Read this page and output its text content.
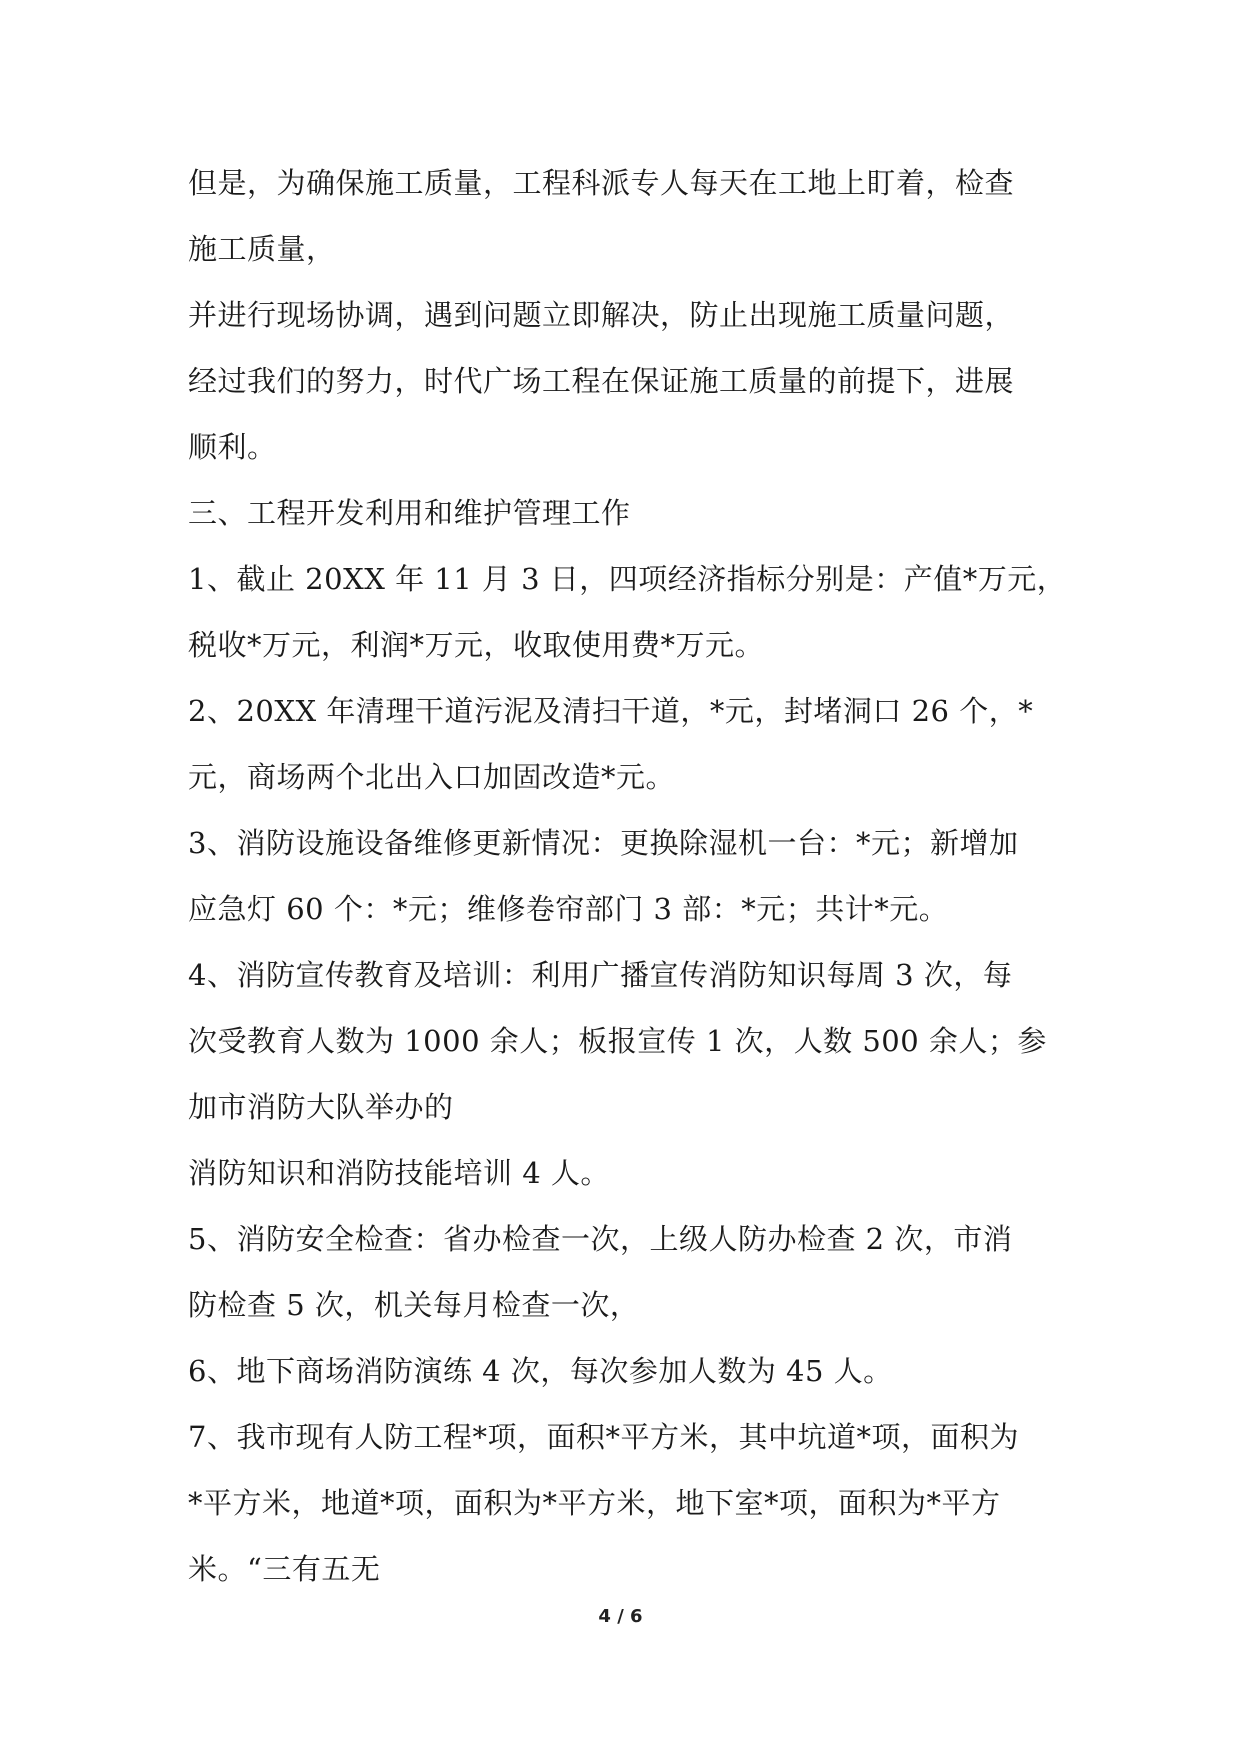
但是，为确保施工质量，工程科派专人每天在工地上盯着，检查
施工质量，
并进行现场协调，遇到问题立即解决，防止出现施工质量问题，
经过我们的努力，时代广场工程在保证施工质量的前提下，进展
顺利。
三、工程开发利用和维护管理工作
1、截止 20XX 年 11 月 3 日，四项经济指标分别是：产值*万元，
税收*万元，利润*万元，收取使用费*万元。
2、20XX 年清理干道污泥及清扫干道，*元，封堵洞口 26 个，*
元，商场两个北出入口加固改造*元。
3、消防设施设备维修更新情况：更换除湿机一台：*元；新增加
应急灯 60 个：*元；维修卷帘部门 3 部：*元；共计*元。
4、消防宣传教育及培训：利用广播宣传消防知识每周 3 次，每
次受教育人数为 1000 余人；板报宣传 1 次，人数 500 余人；参
加市消防大队举办的
消防知识和消防技能培训 4 人。
5、消防安全检查：省办检查一次，上级人防办检查 2 次，市消
防检查 5 次，机关每月检查一次，
6、地下商场消防演练 4 次，每次参加人数为 45 人。
7、我市现有人防工程*项，面积*平方米，其中坑道*项，面积为
*平方米，地道*项，面积为*平方米，地下室*项，面积为*平方
米。“三有五无
4 / 6
